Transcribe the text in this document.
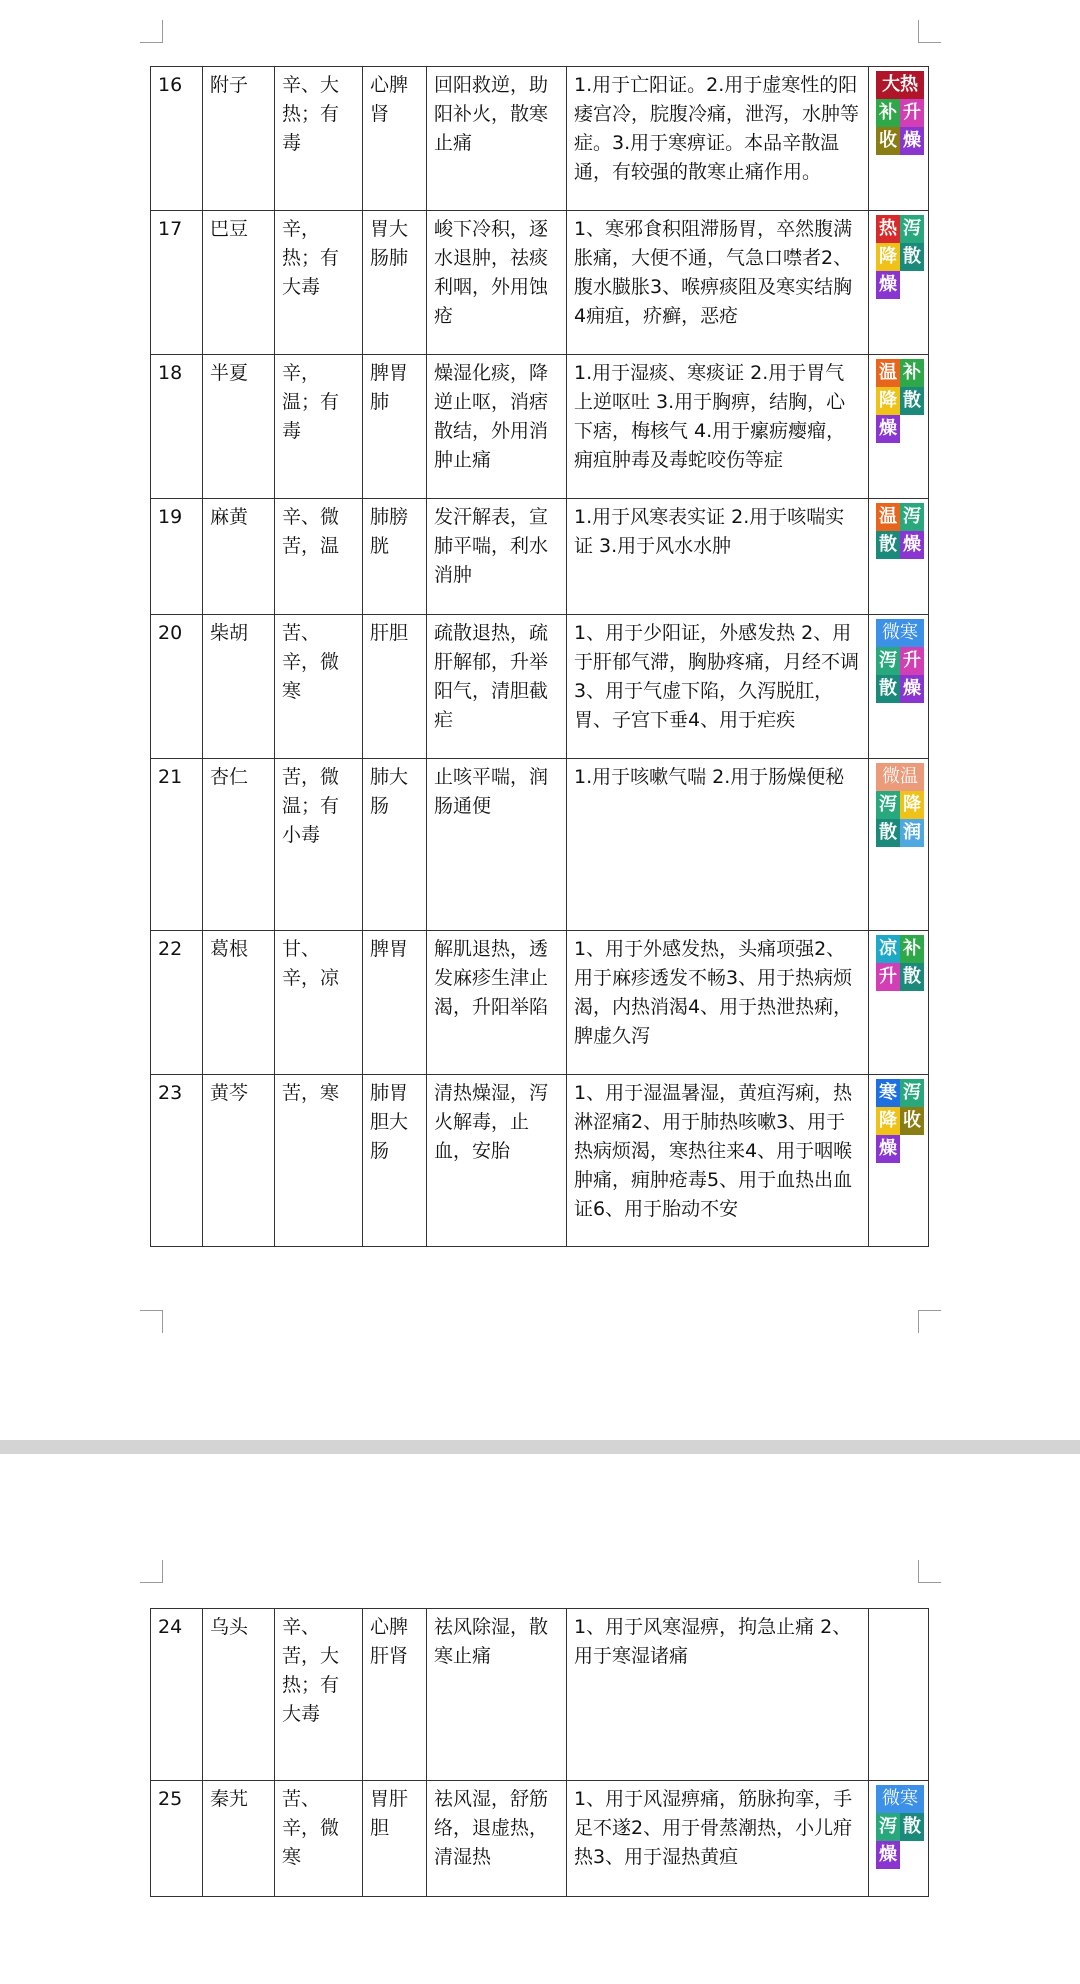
16	附子	辛、大热；有毒	心脾肾	回阳救逆，助阳补火，散寒止痛	1.用于亡阳证。2.用于虚寒性的阳痿宫冷，脘腹冷痛，泄泻，水肿等症。3.用于寒痹证。本品辛散温通，有较强的散寒止痛作用。	大热
补 升
收 燥

17	巴豆	辛，热；有大毒	胃大肠肺	峻下冷积，逐水退肿，祛痰利咽，外用蚀疮	1、寒邪食积阻滞肠胃，卒然腹满胀痛，大便不通，气急口噤者2、腹水臌胀3、喉痹痰阻及寒实结胸4痈疽，疥癣，恶疮	热 泻
降 散
燥

18	半夏	辛，温；有毒	脾胃肺	燥湿化痰，降逆止呕，消痞散结，外用消肿止痛	1.用于湿痰、寒痰证 2.用于胃气上逆呕吐 3.用于胸痹，结胸，心下痞，梅核气 4.用于瘰疬瘿瘤，痈疽肿毒及毒蛇咬伤等症	温 补
降 散
燥

19	麻黄	辛、微苦，温	肺膀胱	发汗解表，宣肺平喘，利水消肿	1.用于风寒表实证 2.用于咳喘实证 3.用于风水水肿	温 泻
散 燥

20	柴胡	苦、辛，微寒	肝胆	疏散退热，疏肝解郁，升举阳气，清胆截疟	1、用于少阳证，外感发热 2、用于肝郁气滞，胸胁疼痛，月经不调3、用于气虚下陷，久泻脱肛，胃、子宫下垂4、用于疟疾	微寒
泻 升
散 燥

21	杏仁	苦，微温；有小毒	肺大肠	止咳平喘，润肠通便	1.用于咳嗽气喘 2.用于肠燥便秘	微温
泻 降
散 润

22	葛根	甘、辛，凉	脾胃	解肌退热，透发麻疹生津止渴，升阳举陷	1、用于外感发热，头痛项强2、用于麻疹透发不畅3、用于热病烦渴，内热消渴4、用于热泄热痢，脾虚久泻	凉 补
升 散

23	黄芩	苦，寒	肺胃胆大肠	清热燥湿，泻火解毒，止血，安胎	1、用于湿温暑湿，黄疸泻痢，热淋涩痛2、用于肺热咳嗽3、用于热病烦渴，寒热往来4、用于咽喉肿痛，痈肿疮毒5、用于血热出血证6、用于胎动不安	寒 泻
降 收
燥
24	乌头	辛、苦，大热；有大毒	心脾肝肾	祛风除湿，散寒止痛	1、用于风寒湿痹，拘急止痛 2、用于寒湿诸痛	

25	秦艽	苦、辛，微寒	胃肝胆	祛风湿，舒筋络，退虚热，清湿热	1、用于风湿痹痛，筋脉拘挛，手足不遂2、用于骨蒸潮热，小儿疳热3、用于湿热黄疸	微寒
泻 散
燥
